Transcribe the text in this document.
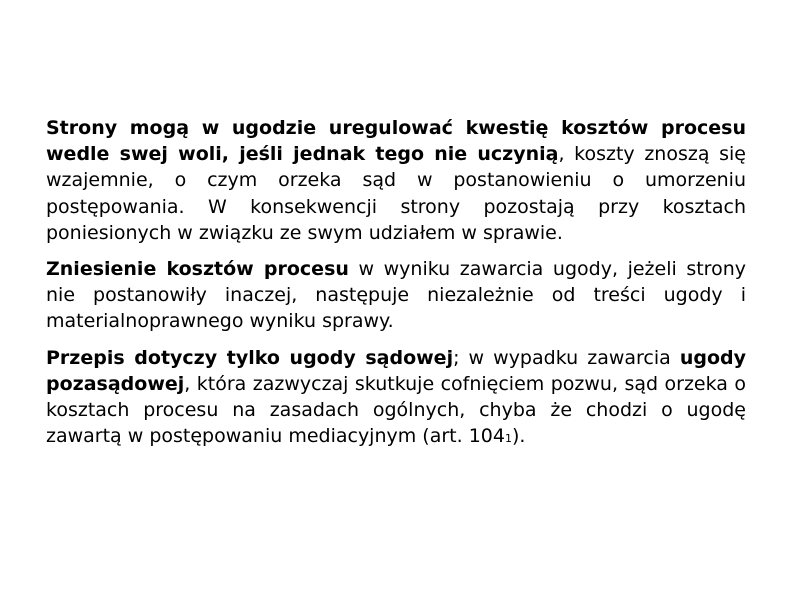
Strony mogą w ugodzie uregulować kwestię kosztów procesu wedle swej woli, jeśli jednak tego nie uczynią, koszty znoszą się wzajemnie, o czym orzeka sąd w postanowieniu o umorzeniu postępowania. W konsekwencji strony pozostają przy kosztach poniesionych w związku ze swym udziałem w sprawie.

Zniesienie kosztów procesu w wyniku zawarcia ugody, jeżeli strony nie postanowiły inaczej, następuje niezależnie od treści ugody i materialnoprawnego wyniku sprawy.

Przepis dotyczy tylko ugody sądowej; w wypadku zawarcia ugody pozasądowej, która zazwyczaj skutkuje cofnięciem pozwu, sąd orzeka o kosztach procesu na zasadach ogólnych, chyba że chodzi o ugodę zawartą w postępowaniu mediacyjnym (art. 1041).
